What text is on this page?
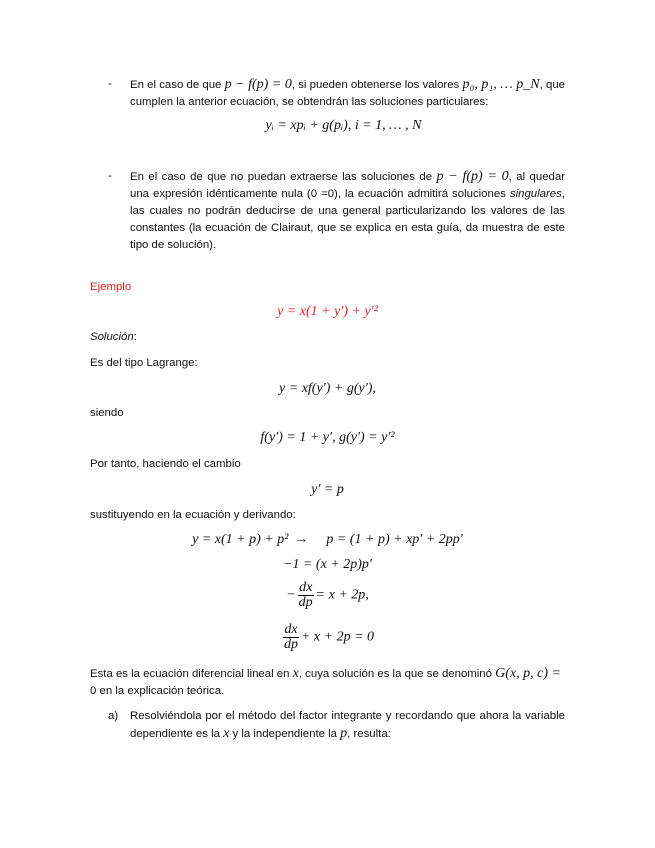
- En el caso de que p − f(p) = 0, si pueden obtenerse los valores p₀, p₁, … p_N, que cumplen la anterior ecuación, se obtendrán las soluciones particulares:
yᵢ = xpᵢ + g(pᵢ), i = 1, … , N
- En el caso de que no puedan extraerse las soluciones de p − f(p) = 0, al quedar una expresión idénticamente nula (0 =0), la ecuación admitirá soluciones singulares, las cuales no podrán deducirse de una general particularizando los valores de las constantes (la ecuación de Clairaut, que se explica en esta guía, da muestra de este tipo de solución).
Ejemplo
y = x(1 + y′) + y′²
Solución:
Es del tipo Lagrange:
y = xf(y′) + g(y′),
siendo
f(y′) = 1 + y′, g(y′) = y′²
Por tanto, haciendo el cambio
y′ = p
sustituyendo en la ecuación y derivando:
y = x(1 + p) + p² → p = (1 + p) + xp′ + 2pp′
−1 = (x + 2p)p′
− $\frac{dx}{dp} = x + 2p$,
$\frac{dx}{dp} + x + 2p = 0$
Esta es la ecuación diferencial lineal en x, cuya solución es la que se denominó G(x, p, c) =
0 en la explicación teórica.
a) Resolviéndola por el método del factor integrante y recordando que ahora la variable dependiente es la x y la independiente la p, resulta:
